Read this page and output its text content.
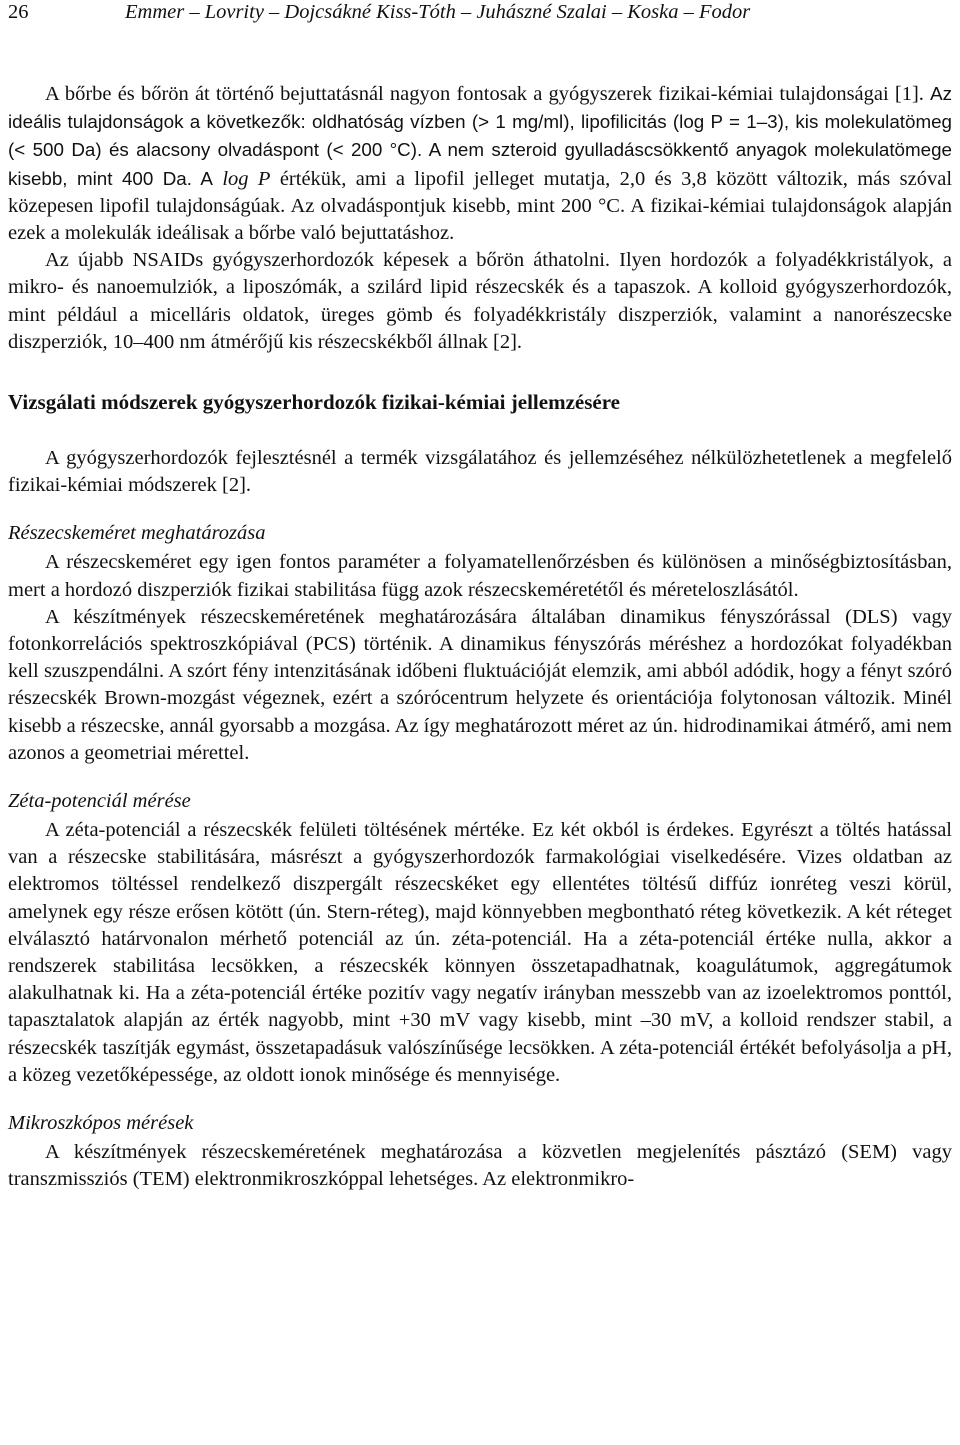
26	Emmer – Lovrity – Dojcsákné Kiss-Tóth – Juhászné Szalai – Koska – Fodor

A bőrbe és bőrön át történő bejuttatásnál nagyon fontosak a gyógyszerek fizikai-kémiai tulajdonságai [1]. Az ideális tulajdonságok a következők: oldhatóság vízben (> 1 mg/ml), lipofilicitás (log P = 1–3), kis molekulatömeg (< 500 Da) és alacsony olvadáspont (< 200 °C). A nem szteroid gyulladáscsökkentő anyagok molekulatömege kisebb, mint 400 Da. A log P értékük, ami a lipofil jelleget mutatja, 2,0 és 3,8 között változik, más szóval közepesen lipofil tulajdonságúak. Az olvadáspontjuk kisebb, mint 200 °C. A fizikai-kémiai tulajdonságok alapján ezek a molekulák ideálisak a bőrbe való bejuttatáshoz.

Az újabb NSAIDs gyógyszerhordozók képesek a bőrön áthatolni. Ilyen hordozók a folyadékkristályok, a mikro- és nanoemulziók, a liposzómák, a szilárd lipid részecskék és a tapaszok. A kolloid gyógyszerhordozók, mint például a micelláris oldatok, üreges gömb és folyadékkristály diszperziók, valamint a nanorészecske diszperziók, 10–400 nm átmérőjű kis részecskékből állnak [2].

Vizsgálati módszerek gyógyszerhordozók fizikai-kémiai jellemzésére

A gyógyszerhordozók fejlesztésnél a termék vizsgálatához és jellemzéséhez nélkülözhetetlenek a megfelelő fizikai-kémiai módszerek [2].

Részecskeméret meghatározása

A részecskeméret egy igen fontos paraméter a folyamatellenőrzésben és különösen a minőségbiztosításban, mert a hordozó diszperziók fizikai stabilitása függ azok részecskeméretétől és méreteloszlásától.

A készítmények részecskeméretének meghatározására általában dinamikus fényszórással (DLS) vagy fotonkorrelációs spektroszkópiával (PCS) történik. A dinamikus fényszórás méréshez a hordozókat folyadékban kell szuszpendálni. A szórt fény intenzitásának időbeni fluktuációját elemzik, ami abból adódik, hogy a fényt szóró részecskék Brown-mozgást végeznek, ezért a szórócentrum helyzete és orientációja folytonosan változik. Minél kisebb a részecske, annál gyorsabb a mozgása. Az így meghatározott méret az ún. hidrodinamikai átmérő, ami nem azonos a geometriai mérettel.

Zéta-potenciál mérése

A zéta-potenciál a részecskék felületi töltésének mértéke. Ez két okból is érdekes. Egyrészt a töltés hatással van a részecske stabilitására, másrészt a gyógyszerhordozók farmakológiai viselkedésére. Vizes oldatban az elektromos töltéssel rendelkező diszpergált részecskéket egy ellentétes töltésű diffúz ionréteg veszi körül, amelynek egy része erősen kötött (ún. Stern-réteg), majd könnyebben megbontható réteg következik. A két réteget elválasztó határvonalon mérhető potenciál az ún. zéta-potenciál. Ha a zéta-potenciál értéke nulla, akkor a rendszerek stabilitása lecsökken, a részecskék könnyen összetapadhatnak, koagulátumok, aggregátumok alakulhatnak ki. Ha a zéta-potenciál értéke pozitív vagy negatív irányban messzebb van az izoelektromos ponttól, tapasztalatok alapján az érték nagyobb, mint +30 mV vagy kisebb, mint –30 mV, a kolloid rendszer stabil, a részecskék taszítják egymást, összetapadásuk valószínűsége lecsökken. A zéta-potenciál értékét befolyásolja a pH, a közeg vezetőképessége, az oldott ionok minősége és mennyisége.

Mikroszkópos mérések

A készítmények részecskeméretének meghatározása a közvetlen megjelenítés pásztázó (SEM) vagy transzmissziós (TEM) elektronmikroszkóppal lehetséges. Az elektronmikro-
